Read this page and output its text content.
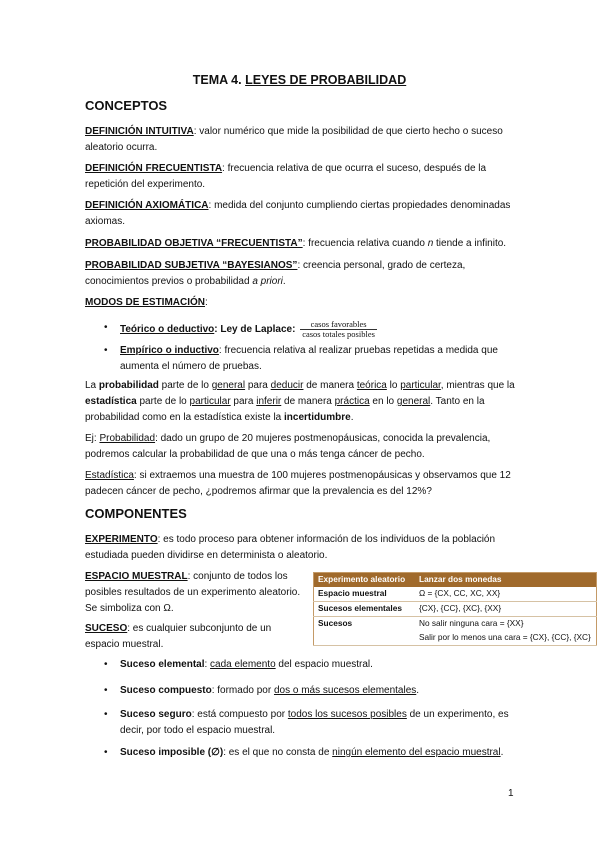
TEMA 4. LEYES DE PROBABILIDAD
CONCEPTOS
DEFINICIÓN INTUITIVA: valor numérico que mide la posibilidad de que cierto hecho o suceso aleatorio ocurra.
DEFINICIÓN FRECUENTISTA: frecuencia relativa de que ocurra el suceso, después de la repetición del experimento.
DEFINICIÓN AXIOMÁTICA: medida del conjunto cumpliendo ciertas propiedades denominadas axiomas.
PROBABILIDAD OBJETIVA “FRECUENTISTA”: frecuencia relativa cuando n tiende a infinito.
PROBABILIDAD SUBJETIVA “BAYESIANOS”: creencia personal, grado de certeza, conocimientos previos o probabilidad a priori.
MODOS DE ESTIMACIÓN:
• Teórico o deductivo: Ley de Laplace: $\frac{\text{casos favorables}}{\text{casos totales posibles}}$
• Empírico o inductivo: frecuencia relativa al realizar pruebas repetidas a medida que aumenta el número de pruebas.
La probabilidad parte de lo general para deducir de manera teórica lo particular, mientras que la estadística parte de lo particular para inferir de manera práctica en lo general. Tanto en la probabilidad como en la estadística existe la incertidumbre.
Ej: Probabilidad: dado un grupo de 20 mujeres postmenopáusicas, conocida la prevalencia, podremos calcular la probabilidad de que una o más tenga cáncer de pecho.
Estadística: si extraemos una muestra de 100 mujeres postmenopáusicas y observamos que 12 padecen cáncer de pecho, ¿podremos afirmar que la prevalencia es del 12%?
COMPONENTES
EXPERIMENTO: es todo proceso para obtener información de los individuos de la población estudiada pueden dividirse en determinista o aleatorio.
ESPACIO MUESTRAL: conjunto de todos los posibles resultados de un experimento aleatorio. Se simboliza con Ω.
SUCESO: es cualquier subconjunto de un espacio muestral.
Experimento aleatorio	Lanzar dos monedas
Espacio muestral	Ω = {CX, CC, XC, XX}
Sucesos elementales	{CX}, {CC}, {XC}, {XX}
Sucesos	No salir ninguna cara = {XX}
	Salir por lo menos una cara = {CX}, {CC}, {XC}
• Suceso elemental: cada elemento del espacio muestral.
• Suceso compuesto: formado por dos o más sucesos elementales.
• Suceso seguro: está compuesto por todos los sucesos posibles de un experimento, es decir, por todo el espacio muestral.
• Suceso imposible (∅): es el que no consta de ningún elemento del espacio muestral.
1
